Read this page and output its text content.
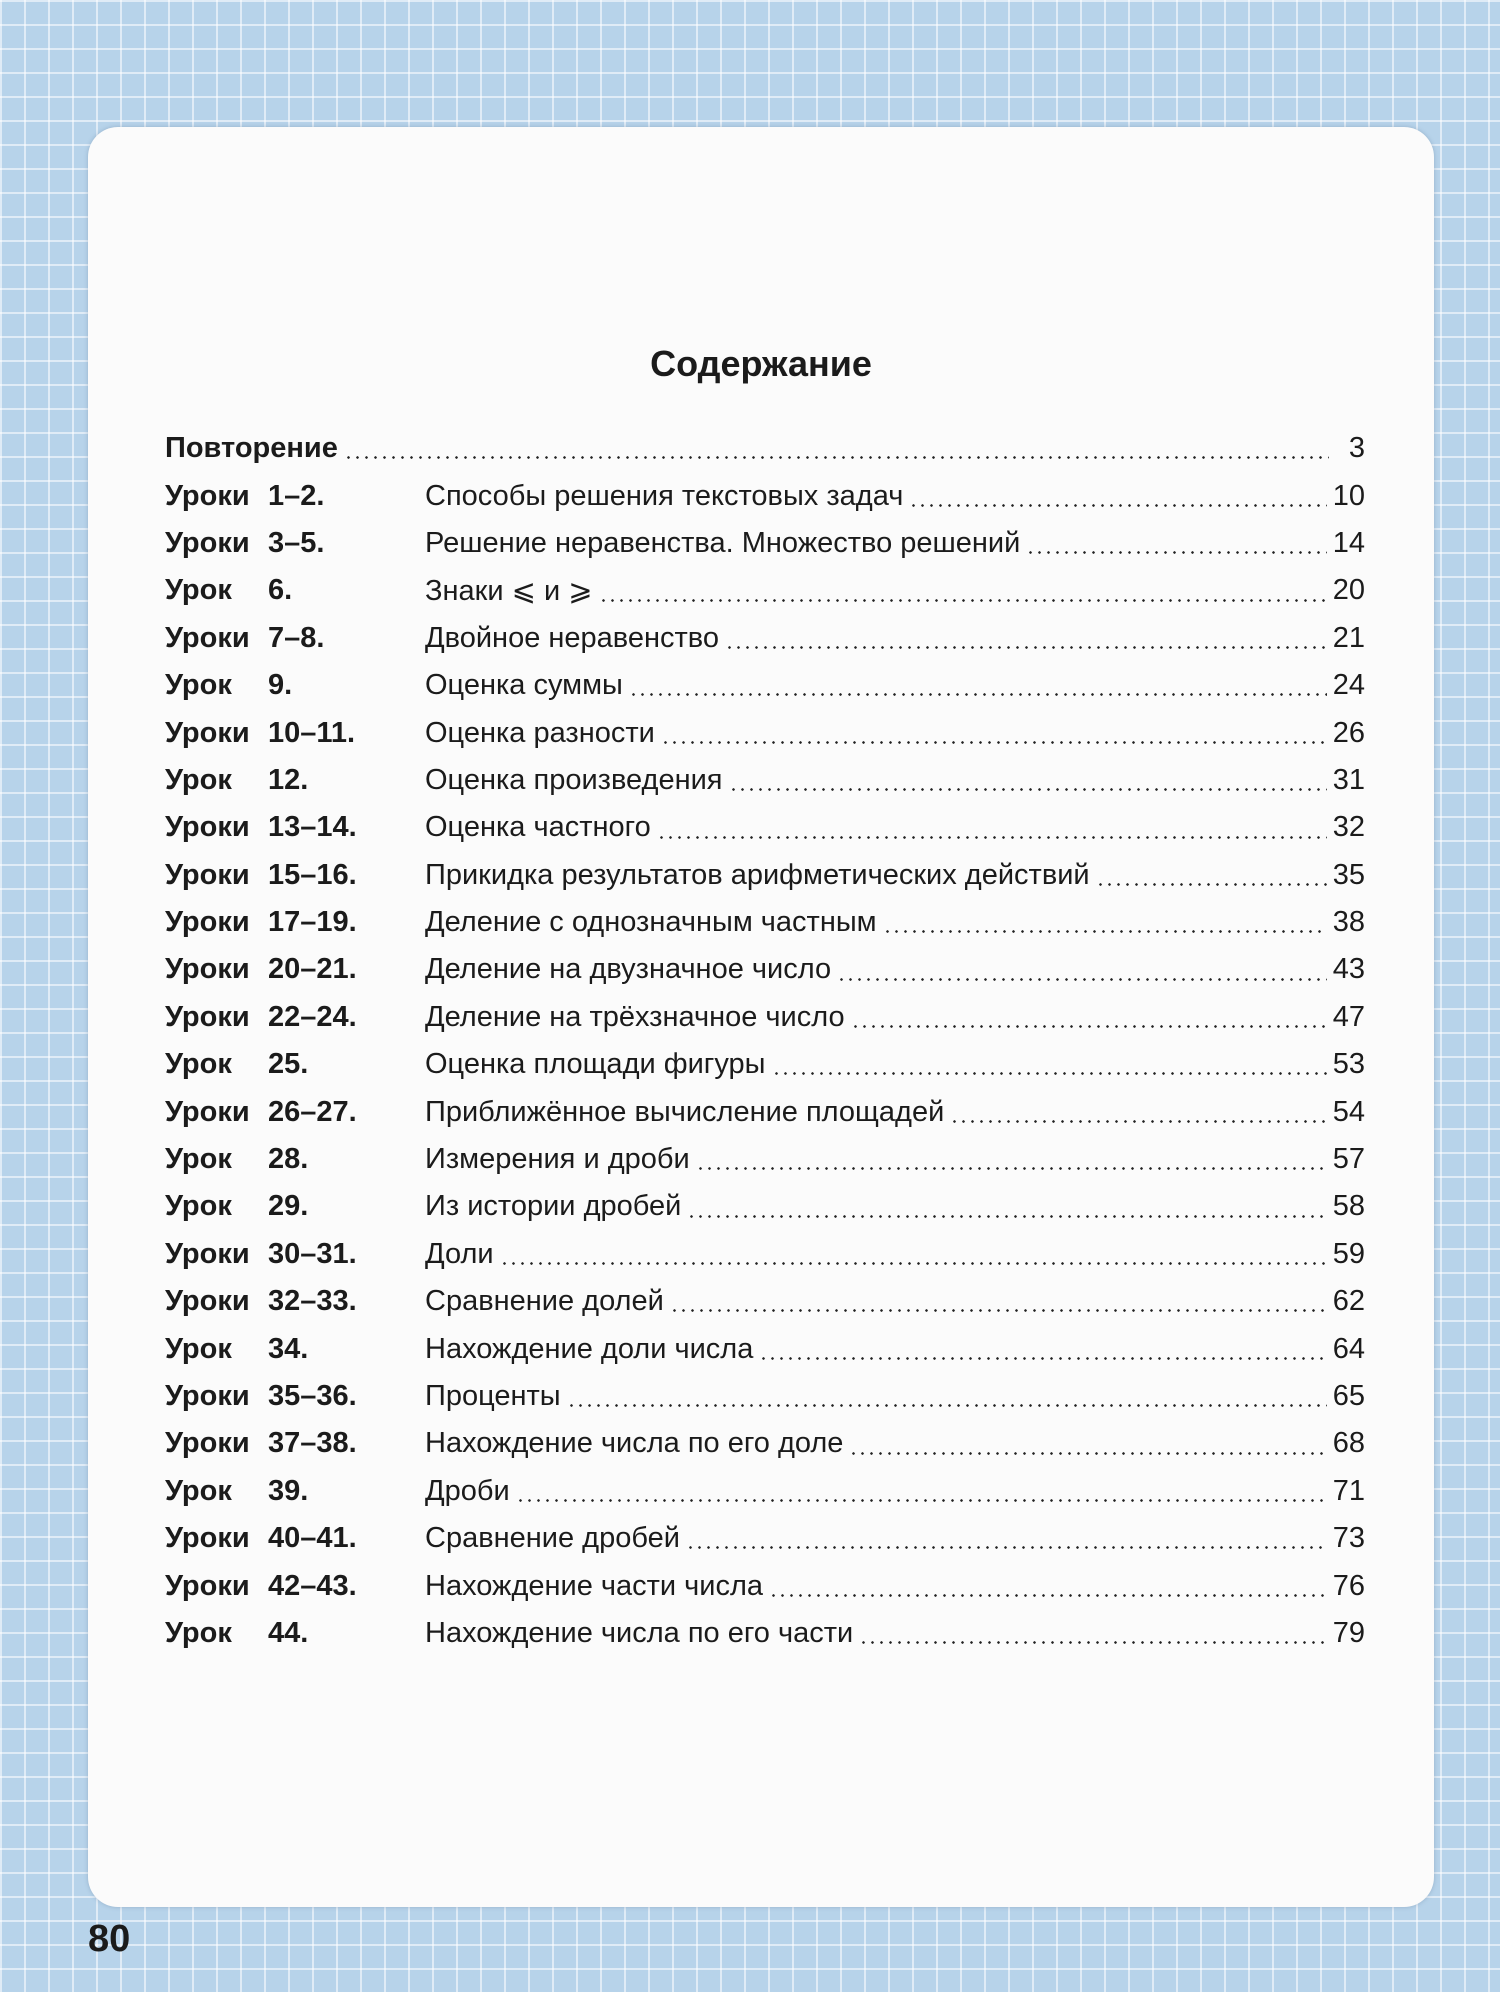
Содержание
Повторение	3
Уроки 1–2.	Способы решения текстовых задач	10
Уроки 3–5.	Решение неравенства. Множество решений	14
Урок	6.	Знаки ⩽ и ⩾	20
Уроки 7–8.	Двойное неравенство	21
Урок	9.	Оценка суммы	24
Уроки 10–11. Оценка разности	26
Урок	12.	Оценка произведения	31
Уроки 13–14. Оценка частного	32
Уроки 15–16. Прикидка результатов арифметических действий	35
Уроки 17–19. Деление с однозначным частным	38
Уроки 20–21. Деление на двузначное число	43
Уроки 22–24. Деление на трёхзначное число	47
Урок	25.	Оценка площади фигуры	53
Уроки 26–27. Приближённое вычисление площадей	54
Урок	28.	Измерения и дроби	57
Урок	29.	Из истории дробей	58
Уроки 30–31. Доли	59
Уроки 32–33. Сравнение долей	62
Урок	34.	Нахождение доли числа	64
Уроки 35–36. Проценты	65
Уроки 37–38. Нахождение числа по его доле	68
Урок	39.	Дроби	71
Уроки 40–41. Сравнение дробей	73
Уроки 42–43. Нахождение части числа	76
Урок	44.	Нахождение числа по его части	79

80
